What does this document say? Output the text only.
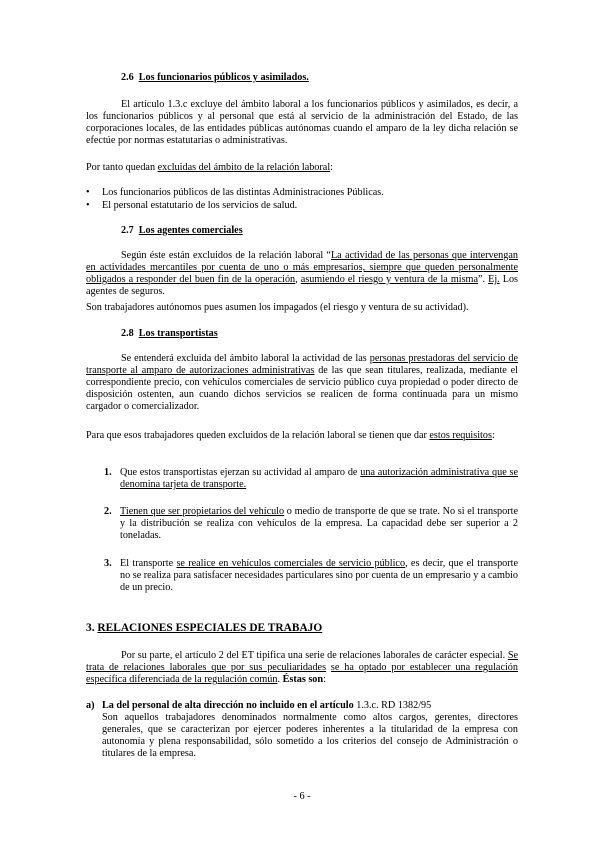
2.6 Los funcionarios públicos y asimilados.

El artículo 1.3.c excluye del ámbito laboral a los funcionarios públicos y asimilados, es decir, a los funcionarios públicos y al personal que está al servicio de la administración del Estado, de las corporaciones locales, de las entidades públicas autónomas cuando el amparo de la ley dicha relación se efectúe por normas estatutarias o administrativas.

Por tanto quedan excluidas del ámbito de la relación laboral:

• Los funcionarios públicos de las distintas Administraciones Públicas.
• El personal estatutario de los servicios de salud.
2.7 Los agentes comerciales

Según éste están excluidos de la relación laboral “La actividad de las personas que intervengan en actividades mercantiles por cuenta de uno o más empresarios, siempre que queden personalmente obligados a responder del buen fin de la operación, asumiendo el riesgo y ventura de la misma”. Ej. Los agentes de seguros.

Son trabajadores autónomos pues asumen los impagados (el riesgo y ventura de su actividad).

2.8 Los transportistas

Se entenderá excluida del ámbito laboral la actividad de las personas prestadoras del servicio de transporte al amparo de autorizaciones administrativas de las que sean titulares, realizada, mediante el correspondiente precio, con vehículos comerciales de servicio público cuya propiedad o poder directo de disposición ostenten, aun cuando dichos servicios se realicen de forma continuada para un mismo cargador o comercializador.

Para que esos trabajadores queden excluidos de la relación laboral se tienen que dar estos requisitos:

1. Que estos transportistas ejerzan su actividad al amparo de una autorización administrativa que se denomina tarjeta de transporte.
2. Tienen que ser propietarios del vehículo o medio de transporte de que se trate. No si el transporte y la distribución se realiza con vehículos de la empresa. La capacidad debe ser superior a 2 toneladas.
3. El transporte se realice en vehículos comerciales de servicio público, es decir, que el transporte no se realiza para satisfacer necesidades particulares sino por cuenta de un empresario y a cambio de un precio.
3. RELACIONES ESPECIALES DE TRABAJO

Por su parte, el artículo 2 del ET tipifica una serie de relaciones laborales de carácter especial. Se trata de relaciones laborales que por sus peculiaridades se ha optado por establecer una regulación específica diferenciada de la regulación común. Éstas son:

a) La del personal de alta dirección no incluido en el artículo 1.3.c. RD 1382/95
Son aquellos trabajadores denominados normalmente como altos cargos, gerentes, directores generales, que se caracterizan por ejercer poderes inherentes a la titularidad de la empresa con autonomía y plena responsabilidad, sólo sometido a los criterios del consejo de Administración o titulares de la empresa.
- 6 -
